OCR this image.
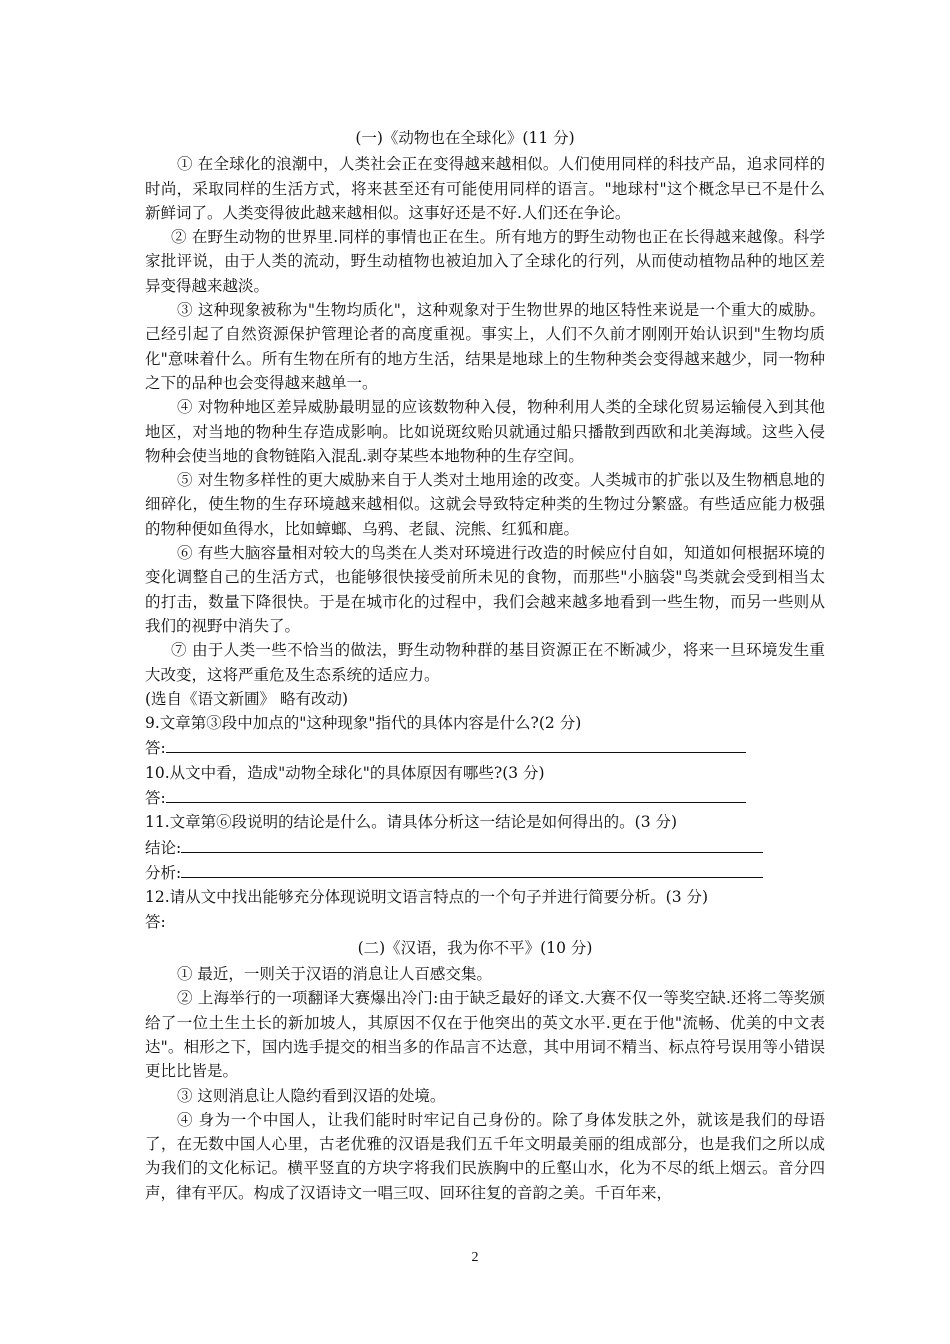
(一)《动物也在全球化》(11 分)

① 在全球化的浪潮中，人类社会正在变得越来越相似。人们使用同样的科技产品，追求同样的时尚，采取同样的生活方式，将来甚至还有可能使用同样的语言。"地球村"这个概念早已不是什么新鲜词了。人类变得彼此越来越相似。这事好还是不好.人们还在争论。

② 在野生动物的世界里.同样的事情也正在生。所有地方的野生动物也正在长得越来越像。科学家批评说，由于人类的流动，野生动植物也被迫加入了全球化的行列，从而使动植物品种的地区差异变得越来越淡。

③ 这种现象被称为"生物均质化"，这种观象对于生物世界的地区特性来说是一个重大的威胁。己经引起了自然资源保护管理论者的高度重视。事实上，人们不久前才刚刚开始认识到"生物均质化"意味着什么。所有生物在所有的地方生活，结果是地球上的生物种类会变得越来越少，同一物种之下的品种也会变得越来越单一。

④ 对物种地区差异威胁最明显的应该数物种入侵，物种利用人类的全球化贸易运输侵入到其他地区，对当地的物种生存造成影响。比如说斑纹贻贝就通过船只播散到西欧和北美海域。这些入侵物种会使当地的食物链陷入混乱.剥夺某些本地物种的生存空间。

⑤ 对生物多样性的更大威胁来自于人类对土地用途的改变。人类城市的扩张以及生物栖息地的细碎化，使生物的生存环境越来越相似。这就会导致特定种类的生物过分繁盛。有些适应能力极强的物种便如鱼得水，比如蟑螂、乌鸦、老鼠、浣熊、红狐和鹿。

⑥ 有些大脑容量相对较大的鸟类在人类对环境进行改造的时候应付自如，知道如何根据环境的变化调整自己的生活方式，也能够很快接受前所未见的食物，而那些"小脑袋"鸟类就会受到相当太的打击，数量下降很快。于是在城市化的过程中，我们会越来越多地看到一些生物，而另一些则从我们的视野中消失了。

⑦ 由于人类一些不恰当的做法，野生动物种群的基目资源正在不断减少，将来一旦环境发生重大改变，这将严重危及生态系统的适应力。

(选自《语文新圃》 略有改动)

9.文章第③段中加点的"这种现象"指代的具体内容是什么?(2 分)

答:

10.从文中看，造成"动物全球化"的具体原因有哪些?(3 分)

答:

11.文章第⑥段说明的结论是什么。请具体分析这一结论是如何得出的。(3 分)

结论:

分析:

12.请从文中找出能够充分体现说明文语言特点的一个句子并进行简要分析。(3 分)

答:

(二)《汉语，我为你不平》(10 分)

① 最近，一则关于汉语的消息让人百感交集。

② 上海举行的一项翻译大赛爆出冷门:由于缺乏最好的译文.大赛不仅一等奖空缺.还将二等奖颁给了一位土生土长的新加坡人，其原因不仅在于他突出的英文水平.更在于他"流畅、优美的中文表达"。相形之下，国内选手提交的相当多的作品言不达意，其中用词不精当、标点符号误用等小错误更比比皆是。

③ 这则消息让人隐约看到汉语的处境。

④ 身为一个中国人，让我们能时时牢记自己身份的。除了身体发肤之外，就该是我们的母语了，在无数中国人心里，古老优雅的汉语是我们五千年文明最美丽的组成部分，也是我们之所以成为我们的文化标记。横平竖直的方块字将我们民族胸中的丘壑山水，化为不尽的纸上烟云。音分四声，律有平仄。构成了汉语诗文一唱三叹、回环往复的音韵之美。千百年来，

2
